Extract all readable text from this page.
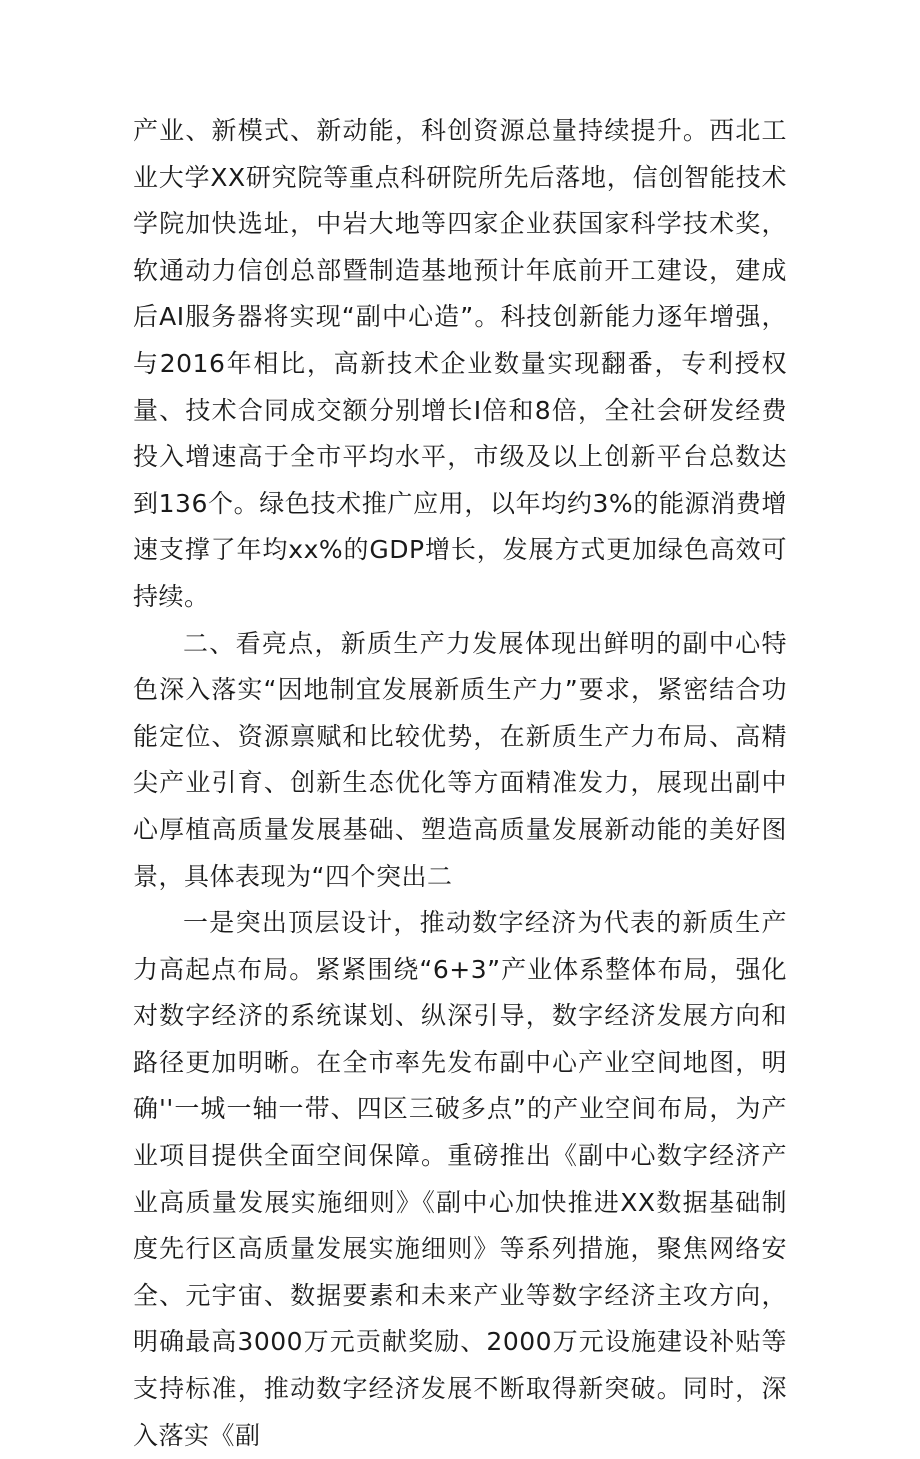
产业、新模式、新动能，科创资源总量持续提升。西北工业大学XX研究院等重点科研院所先后落地，信创智能技术学院加快选址，中岩大地等四家企业获国家科学技术奖，软通动力信创总部暨制造基地预计年底前开工建设，建成后AI服务器将实现“副中心造”。科技创新能力逐年增强，与2016年相比，高新技术企业数量实现翻番，专利授权量、技术合同成交额分别增长I倍和8倍，全社会研发经费投入增速高于全市平均水平，市级及以上创新平台总数达到136个。绿色技术推广应用，以年均约3%的能源消费增速支撑了年均xx%的GDP增长，发展方式更加绿色高效可持续。

二、看亮点，新质生产力发展体现出鲜明的副中心特色深入落实“因地制宜发展新质生产力”要求，紧密结合功能定位、资源禀赋和比较优势，在新质生产力布局、高精尖产业引育、创新生态优化等方面精准发力，展现出副中心厚植高质量发展基础、塑造高质量发展新动能的美好图景，具体表现为“四个突出二

一是突出顶层设计，推动数字经济为代表的新质生产力高起点布局。紧紧围绕“6+3”产业体系整体布局，强化对数字经济的系统谋划、纵深引导，数字经济发展方向和路径更加明晰。在全市率先发布副中心产业空间地图，明确''一城一轴一带、四区三破多点”的产业空间布局，为产业项目提供全面空间保障。重磅推出《副中心数字经济产业高质量发展实施细则》《副中心加快推进XX数据基础制度先行区高质量发展实施细则》等系列措施，聚焦网络安全、元宇宙、数据要素和未来产业等数字经济主攻方向，明确最高3000万元贡献奖励、2000万元设施建设补贴等支持标准，推动数字经济发展不断取得新突破。同时，深入落实《副
